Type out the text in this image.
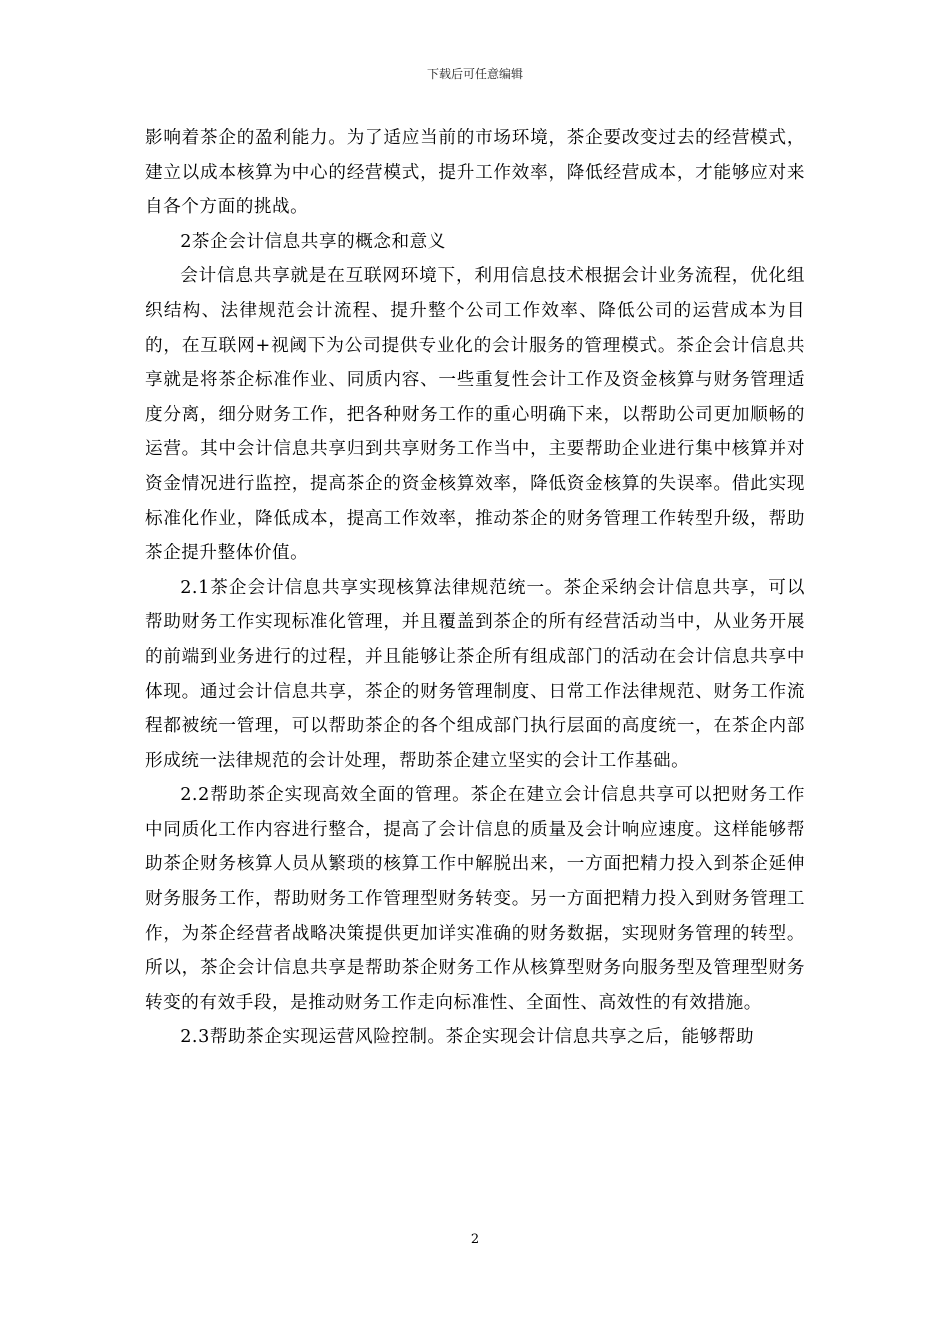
下载后可任意编辑

影响着茶企的盈利能力。为了适应当前的市场环境，茶企要改变过去的经营模式，建立以成本核算为中心的经营模式，提升工作效率，降低经营成本，才能够应对来自各个方面的挑战。

2茶企会计信息共享的概念和意义

会计信息共享就是在互联网环境下，利用信息技术根据会计业务流程，优化组织结构、法律规范会计流程、提升整个公司工作效率、降低公司的运营成本为目的，在互联网+视阈下为公司提供专业化的会计服务的管理模式。茶企会计信息共享就是将茶企标准作业、同质内容、一些重复性会计工作及资金核算与财务管理适度分离，细分财务工作，把各种财务工作的重心明确下来，以帮助公司更加顺畅的运营。其中会计信息共享归到共享财务工作当中，主要帮助企业进行集中核算并对资金情况进行监控，提高茶企的资金核算效率，降低资金核算的失误率。借此实现标准化作业，降低成本，提高工作效率，推动茶企的财务管理工作转型升级，帮助茶企提升整体价值。

2.1茶企会计信息共享实现核算法律规范统一。茶企采纳会计信息共享，可以帮助财务工作实现标准化管理，并且覆盖到茶企的所有经营活动当中，从业务开展的前端到业务进行的过程，并且能够让茶企所有组成部门的活动在会计信息共享中体现。通过会计信息共享，茶企的财务管理制度、日常工作法律规范、财务工作流程都被统一管理，可以帮助茶企的各个组成部门执行层面的高度统一，在茶企内部形成统一法律规范的会计处理，帮助茶企建立坚实的会计工作基础。

2.2帮助茶企实现高效全面的管理。茶企在建立会计信息共享可以把财务工作中同质化工作内容进行整合，提高了会计信息的质量及会计响应速度。这样能够帮助茶企财务核算人员从繁琐的核算工作中解脱出来，一方面把精力投入到茶企延伸财务服务工作，帮助财务工作管理型财务转变。另一方面把精力投入到财务管理工作，为茶企经营者战略决策提供更加详实准确的财务数据，实现财务管理的转型。所以，茶企会计信息共享是帮助茶企财务工作从核算型财务向服务型及管理型财务转变的有效手段，是推动财务工作走向标准性、全面性、高效性的有效措施。

2.3帮助茶企实现运营风险控制。茶企实现会计信息共享之后，能够帮助

2
